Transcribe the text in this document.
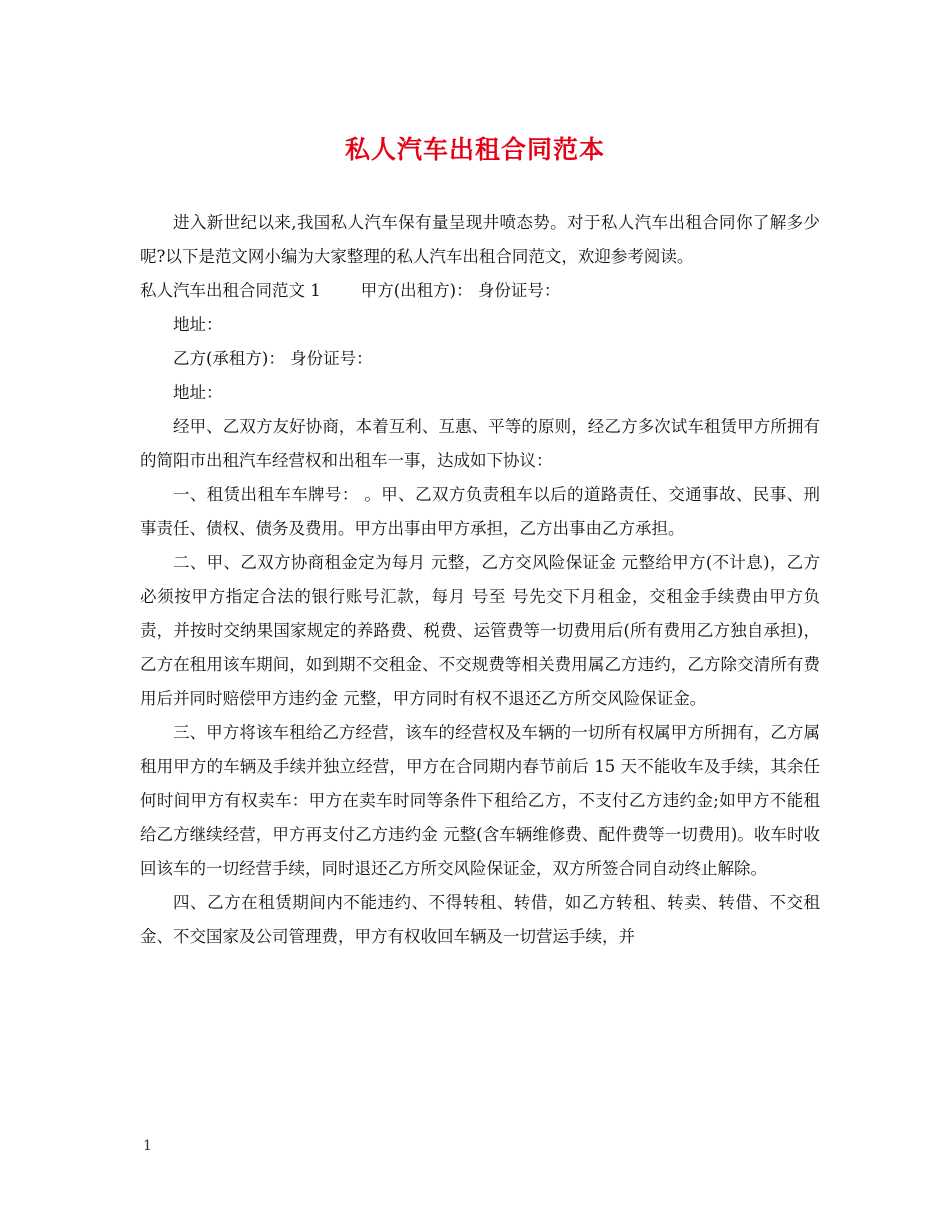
私人汽车出租合同范本

进入新世纪以来,我国私人汽车保有量呈现井喷态势。对于私人汽车出租合同你了解多少呢?以下是范文网小编为大家整理的私人汽车出租合同范文，欢迎参考阅读。

私人汽车出租合同范文 1 甲方(出租方)： 身份证号：

地址：

乙方(承租方)： 身份证号：

地址：

经甲、乙双方友好协商，本着互利、互惠、平等的原则，经乙方多次试车租赁甲方所拥有的简阳市出租汽车经营权和出租车一事，达成如下协议：

一、租赁出租车车牌号： 。甲、乙双方负责租车以后的道路责任、交通事故、民事、刑事责任、债权、债务及费用。甲方出事由甲方承担，乙方出事由乙方承担。

二、甲、乙双方协商租金定为每月 元整，乙方交风险保证金 元整给甲方(不计息)，乙方必须按甲方指定合法的银行账号汇款，每月 号至 号先交下月租金，交租金手续费由甲方负责，并按时交纳果国家规定的养路费、税费、运管费等一切费用后(所有费用乙方独自承担)，乙方在租用该车期间，如到期不交租金、不交规费等相关费用属乙方违约，乙方除交清所有费用后并同时赔偿甲方违约金 元整，甲方同时有权不退还乙方所交风险保证金。

三、甲方将该车租给乙方经营，该车的经营权及车辆的一切所有权属甲方所拥有，乙方属租用甲方的车辆及手续并独立经营，甲方在合同期内春节前后 15 天不能收车及手续，其余任何时间甲方有权卖车：甲方在卖车时同等条件下租给乙方，不支付乙方违约金;如甲方不能租给乙方继续经营，甲方再支付乙方违约金 元整(含车辆维修费、配件费等一切费用)。收车时收回该车的一切经营手续，同时退还乙方所交风险保证金，双方所签合同自动终止解除。

四、乙方在租赁期间内不能违约、不得转租、转借，如乙方转租、转卖、转借、不交租金、不交国家及公司管理费，甲方有权收回车辆及一切营运手续，并

1
